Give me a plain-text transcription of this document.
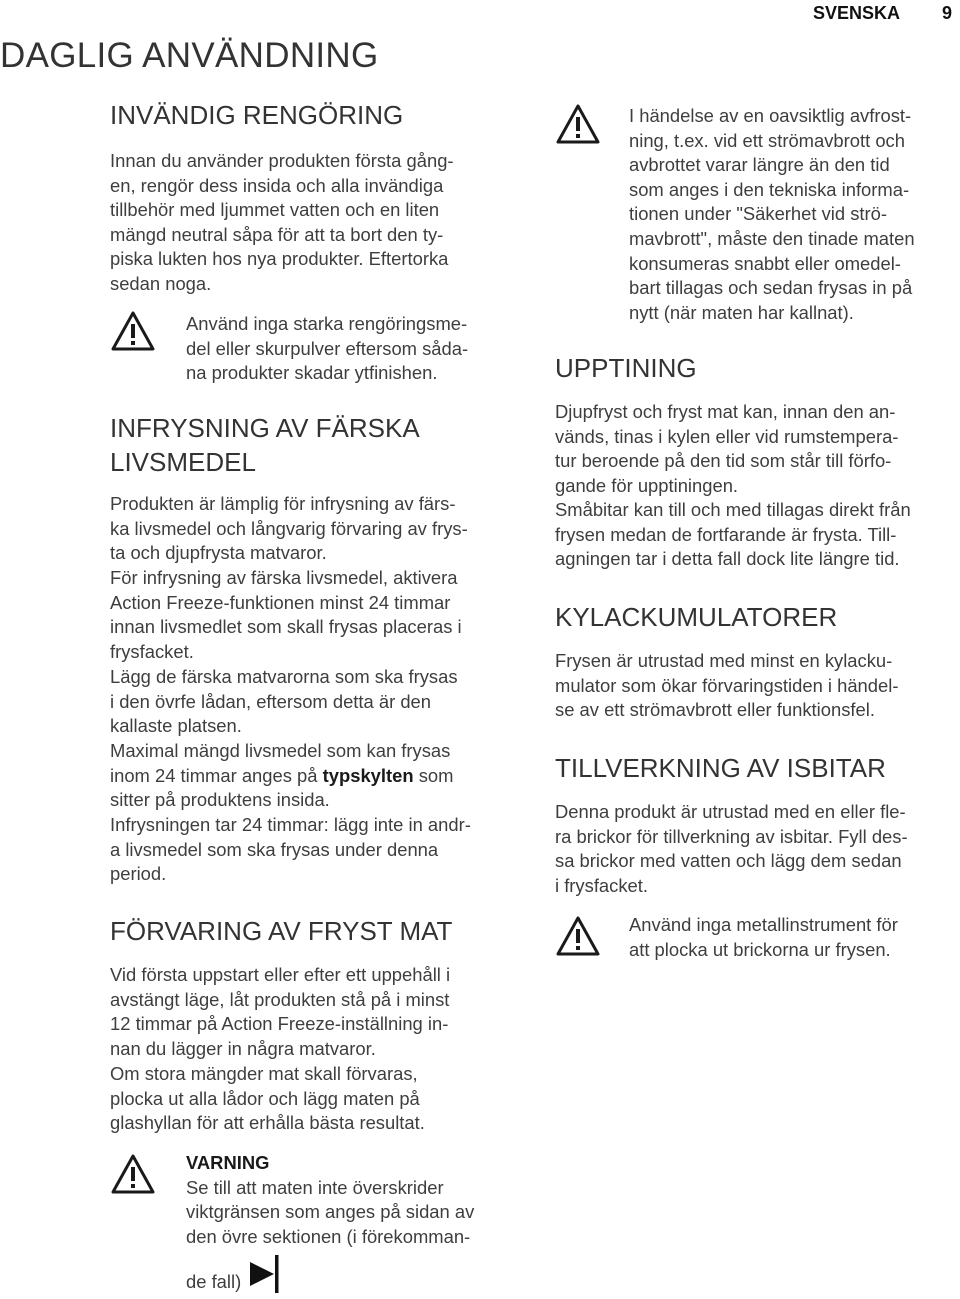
SVENSKA 9
DAGLIG ANVÄNDNING
INVÄNDIG RENGÖRING

Innan du använder produkten första gång-
en, rengör dess insida och alla invändiga
tillbehör med ljummet vatten och en liten
mängd neutral såpa för att ta bort den ty-
piska lukten hos nya produkter. Eftertorka
sedan noga.

Använd inga starka rengöringsme-
del eller skurpulver eftersom såda-
na produkter skadar ytfinishen.

INFRYSNING AV FÄRSKA
LIVSMEDEL

Produkten är lämplig för infrysning av färs-
ka livsmedel och långvarig förvaring av frys-
ta och djupfrysta matvaror.

För infrysning av färska livsmedel, aktivera
Action Freeze-funktionen minst 24 timmar
innan livsmedlet som skall frysas placeras i
frysfacket.

Lägg de färska matvarorna som ska frysas
i den övrfe lådan, eftersom detta är den
kallaste platsen.

Maximal mängd livsmedel som kan frysas
inom 24 timmar anges på typskylten som
sitter på produktens insida.

Infrysningen tar 24 timmar: lägg inte in andr-
a livsmedel som ska frysas under denna
period.

FÖRVARING AV FRYST MAT

Vid första uppstart eller efter ett uppehåll i
avstängt läge, låt produkten stå på i minst
12 timmar på Action Freeze-inställning in-
nan du lägger in några matvaror.

Om stora mängder mat skall förvaras,
plocka ut alla lådor och lägg maten på
glashyllan för att erhålla bästa resultat.

VARNING
Se till att maten inte överskrider
viktgränsen som anges på sidan av
den övre sektionen (i förekomman-

de fall)

I händelse av en oavsiktlig avfrost-
ning, t.ex. vid ett strömavbrott och
avbrottet varar längre än den tid
som anges i den tekniska informa-
tionen under "Säkerhet vid strö-
mavbrott", måste den tinade maten
konsumeras snabbt eller omedel-
bart tillagas och sedan frysas in på
nytt (när maten har kallnat).

UPPTINING

Djupfryst och fryst mat kan, innan den an-
vänds, tinas i kylen eller vid rumstempera-
tur beroende på den tid som står till förfo-
gande för upptiningen.

Småbitar kan till och med tillagas direkt från
frysen medan de fortfarande är frysta. Till-
agningen tar i detta fall dock lite längre tid.

KYLACKUMULATORER

Frysen är utrustad med minst en kylacku-
mulator som ökar förvaringstiden i händel-
se av ett strömavbrott eller funktionsfel.

TILLVERKNING AV ISBITAR

Denna produkt är utrustad med en eller fle-
ra brickor för tillverkning av isbitar. Fyll des-
sa brickor med vatten och lägg dem sedan
i frysfacket.

Använd inga metallinstrument för
att plocka ut brickorna ur frysen.
